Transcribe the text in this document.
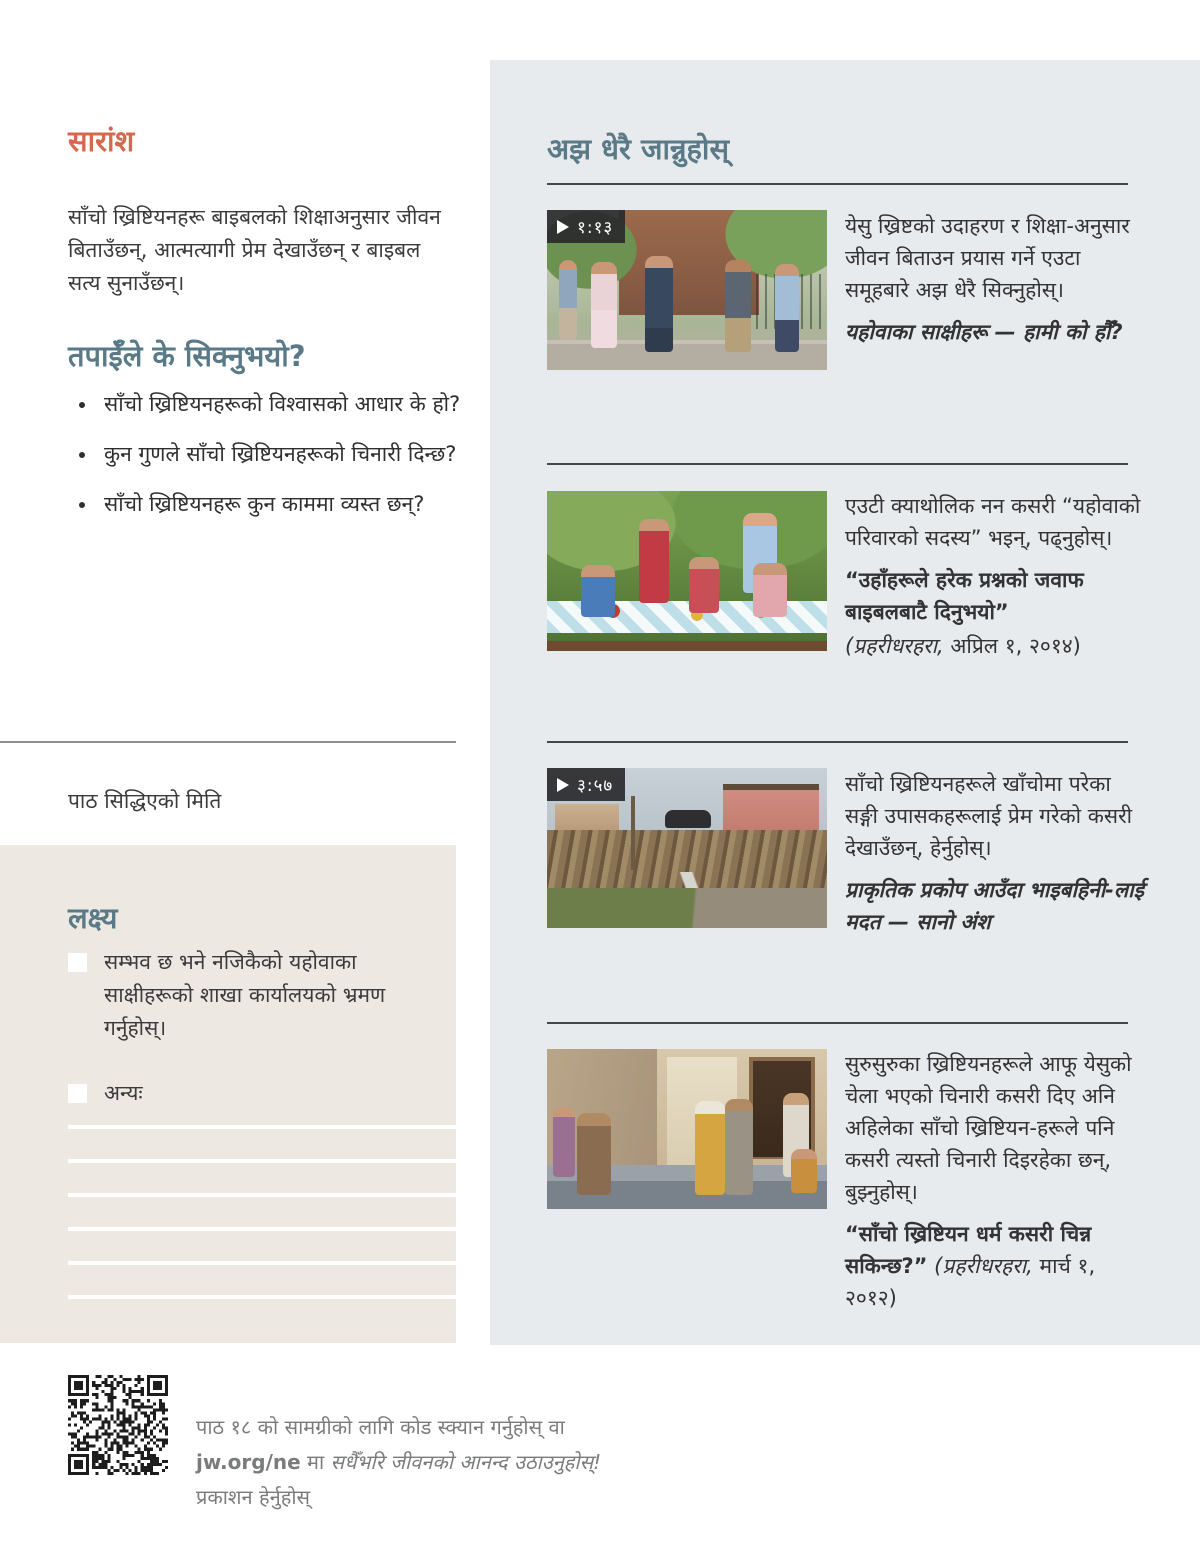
सारांश

साँचो ख्रिष्टियनहरू बाइबलको शिक्षाअनुसार जीवन बिताउँछन्, आत्मत्यागी प्रेम देखाउँछन् र बाइबल सत्य सुनाउँछन्।

तपाईँले के सिक्नुभयो?
• साँचो ख्रिष्टियनहरूको विश्वासको आधार के हो?
• कुन गुणले साँचो ख्रिष्टियनहरूको चिनारी दिन्छ?
• साँचो ख्रिष्टियनहरू कुन काममा व्यस्त छन्?

पाठ सिद्धिएको मिति

लक्ष्य
सम्भव छ भने नजिकैको यहोवाका साक्षीहरूको शाखा कार्यालयको भ्रमण गर्नुहोस्।
अन्यः
अझ धेरै जान्नुहोस्
१:१३	येसु ख्रिष्टको उदाहरण र शिक्षा-अनुसार जीवन बिताउन प्रयास गर्ने एउटा समूहबारे अझ धेरै सिक्नुहोस्।

यहोवाका साक्षीहरू — हामी को हौँ?

एउटी क्याथोलिक नन कसरी “यहोवाको परिवारको सदस्य” भइन्, पढ्नुहोस्।

“उहाँहरूले हरेक प्रश्नको जवाफ बाइबलबाटै दिनुभयो”

(प्रहरीधरहरा, अप्रिल १, २०१४)

३:५७	साँचो ख्रिष्टियनहरूले खाँचोमा परेका सङ्गी उपासकहरूलाई प्रेम गरेको कसरी देखाउँछन्, हेर्नुहोस्।

प्राकृतिक प्रकोप आउँदा भाइबहिनी-लाई मदत — सानो अंश

सुरुसुरुका ख्रिष्टियनहरूले आफू येसुको चेला भएको चिनारी कसरी दिए अनि अहिलेका साँचो ख्रिष्टियन-हरूले पनि कसरी त्यस्तो चिनारी दिइरहेका छन्, बुझ्नुहोस्।

“साँचो ख्रिष्टियन धर्म कसरी चिन्न सकिन्छ?” (प्रहरीधरहरा, मार्च १, २०१२)

पाठ १८ को सामग्रीको लागि कोड स्क्यान गर्नुहोस् वा
jw.org/ne मा सधैँभरि जीवनको आनन्द उठाउनुहोस्!
प्रकाशन हेर्नुहोस्
